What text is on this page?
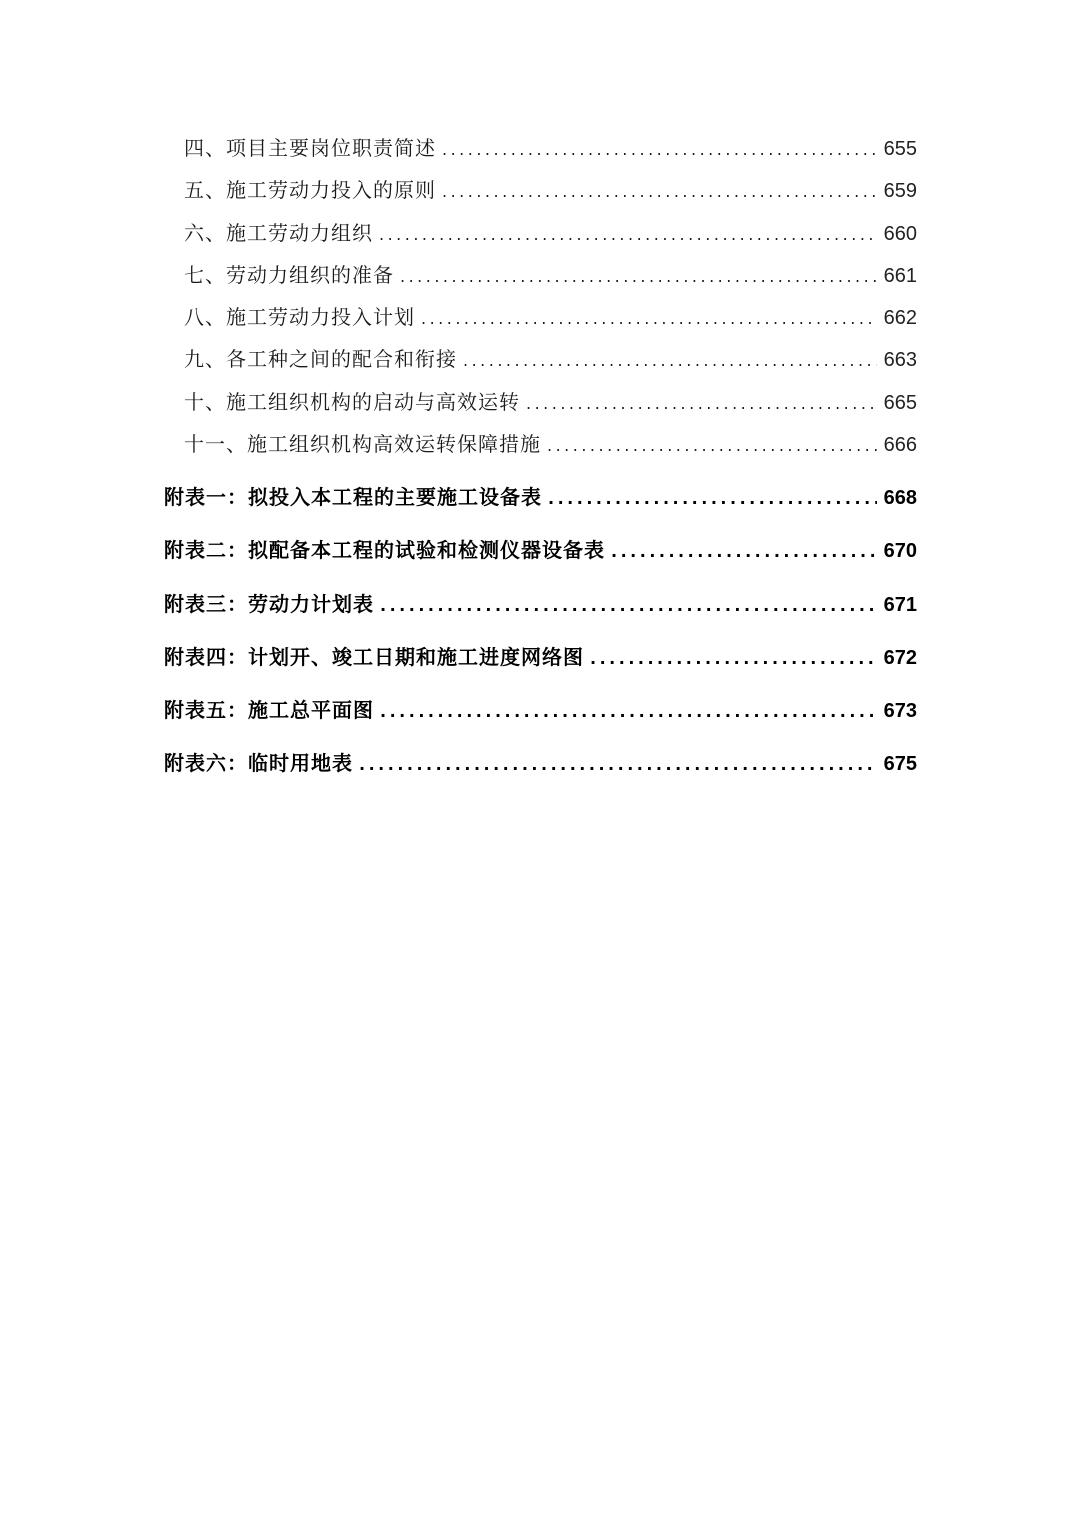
四、项目主要岗位职责简述 .....	655
五、施工劳动力投入的原则 .....	659
六、施工劳动力组织 .....	660
七、劳动力组织的准备 .....	661
八、施工劳动力投入计划 .....	662
九、各工种之间的配合和衔接 .....	663
十、施工组织机构的启动与高效运转 .....	665
十一、施工组织机构高效运转保障措施 .....	666
附表一：拟投入本工程的主要施工设备表 .....	668
附表二：拟配备本工程的试验和检测仪器设备表 .....	670
附表三：劳动力计划表 .....	671
附表四：计划开、竣工日期和施工进度网络图 .....	672
附表五：施工总平面图 .....	673
附表六：临时用地表 .....	675
